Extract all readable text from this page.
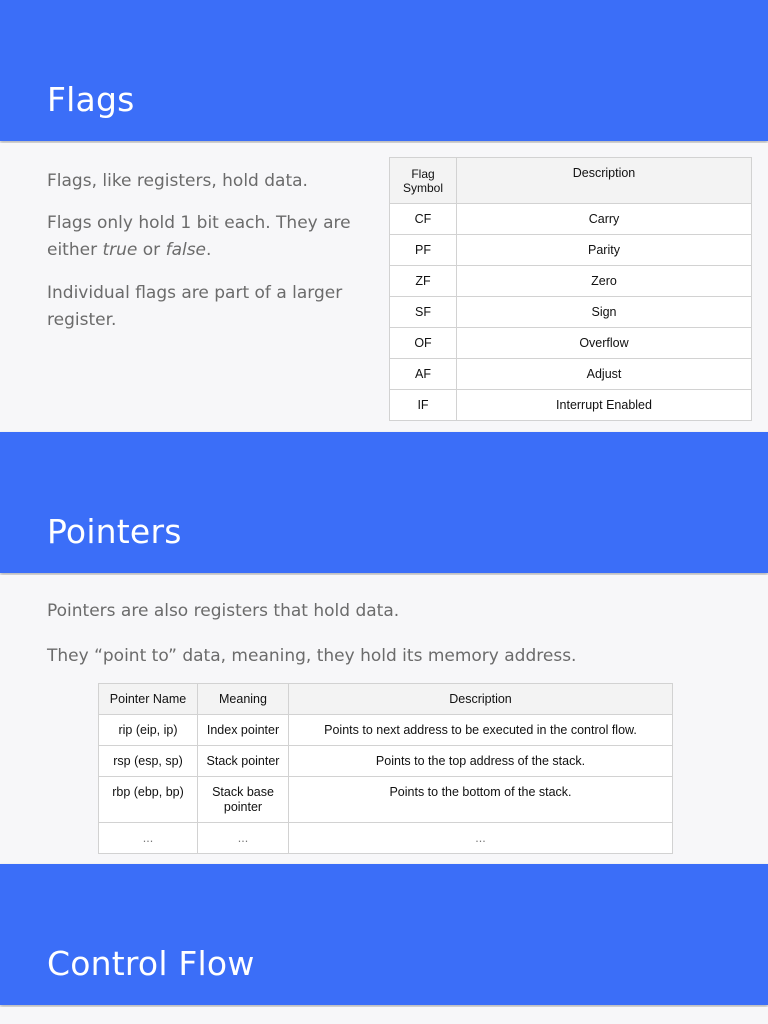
Flags

Flags, like registers, hold data.

Flags only hold 1 bit each. They are
either true or false.

Individual flags are part of a larger
register.

Flag Symbol	Description
CF	Carry
PF	Parity
ZF	Zero
SF	Sign
OF	Overflow
AF	Adjust
IF	Interrupt Enabled
Pointers

Pointers are also registers that hold data.

They “point to” data, meaning, they hold its memory address.

Pointer Name	Meaning	Description
rip (eip, ip)	Index pointer	Points to next address to be executed in the control flow.
rsp (esp, sp)	Stack pointer	Points to the top address of the stack.
rbp (ebp, bp)	Stack base pointer	Points to the bottom of the stack.
...	...	...
Control Flow
